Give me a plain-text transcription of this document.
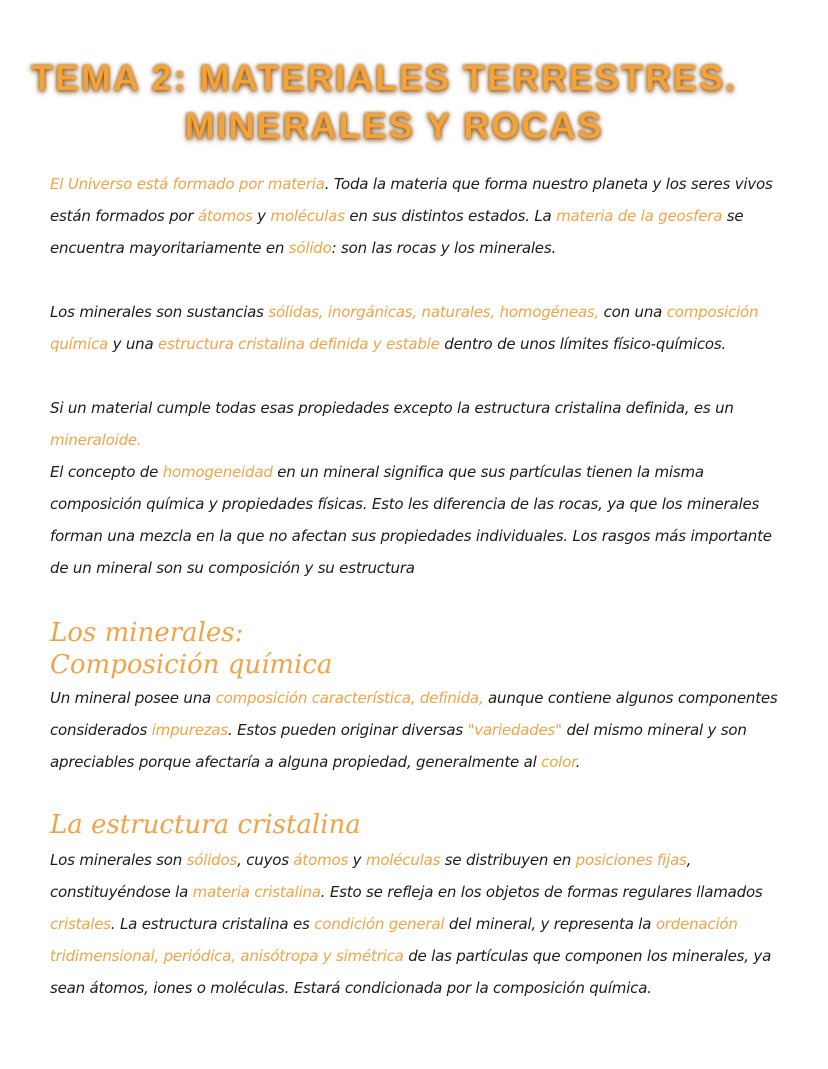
TEMA 2: MATERIALES TERRESTRES.
MINERALES Y ROCAS
El Universo está formado por materia. Toda la materia que forma nuestro planeta y los seres vivos están formados por átomos y moléculas en sus distintos estados. La materia de la geosfera se encuentra mayoritariamente en sólido: son las rocas y los minerales.
Los minerales son sustancias sólidas, inorgánicas, naturales, homogéneas, con una composición química y una estructura cristalina definida y estable dentro de unos límites físico-químicos.
Si un material cumple todas esas propiedades excepto la estructura cristalina definida, es un mineraloide.
El concepto de homogeneidad en un mineral significa que sus partículas tienen la misma composición química y propiedades físicas. Esto les diferencia de las rocas, ya que los minerales forman una mezcla en la que no afectan sus propiedades individuales. Los rasgos más importante de un mineral son su composición y su estructura
Los minerales:
Composición química
Un mineral posee una composición característica, definida, aunque contiene algunos componentes considerados impurezas. Estos pueden originar diversas "variedades" del mismo mineral y son apreciables porque afectaría a alguna propiedad, generalmente al color.
La estructura cristalina
Los minerales son sólidos, cuyos átomos y moléculas se distribuyen en posiciones fijas, constituyéndose la materia cristalina. Esto se refleja en los objetos de formas regulares llamados cristales. La estructura cristalina es condición general del mineral, y representa la ordenación tridimensional, periódica, anisótropa y simétrica de las partículas que componen los minerales, ya sean átomos, iones o moléculas. Estará condicionada por la composición química.
